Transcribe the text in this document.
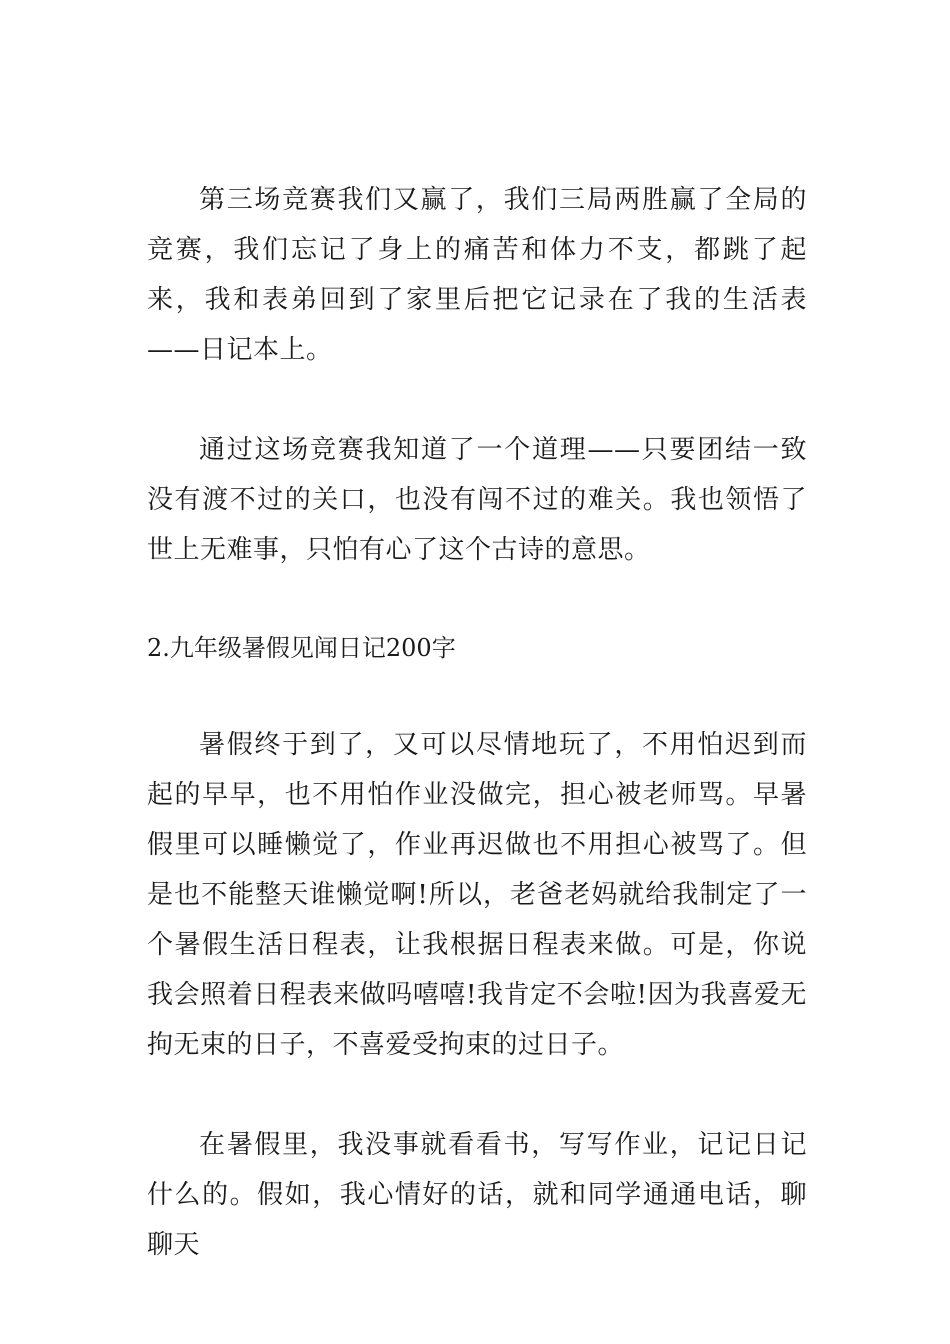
第三场竞赛我们又赢了，我们三局两胜赢了全局的竞赛，我们忘记了身上的痛苦和体力不支，都跳了起来，我和表弟回到了家里后把它记录在了我的生活表——日记本上。

通过这场竞赛我知道了一个道理——只要团结一致没有渡不过的关口，也没有闯不过的难关。我也领悟了世上无难事，只怕有心了这个古诗的意思。

2.九年级暑假见闻日记200字

暑假终于到了，又可以尽情地玩了，不用怕迟到而起的早早，也不用怕作业没做完，担心被老师骂。早暑假里可以睡懒觉了，作业再迟做也不用担心被骂了。但是也不能整天谁懒觉啊!所以，老爸老妈就给我制定了一个暑假生活日程表，让我根据日程表来做。可是，你说我会照着日程表来做吗嘻嘻!我肯定不会啦!因为我喜爱无拘无束的日子，不喜爱受拘束的过日子。

在暑假里，我没事就看看书，写写作业，记记日记什么的。假如，我心情好的话，就和同学通通电话，聊聊天
